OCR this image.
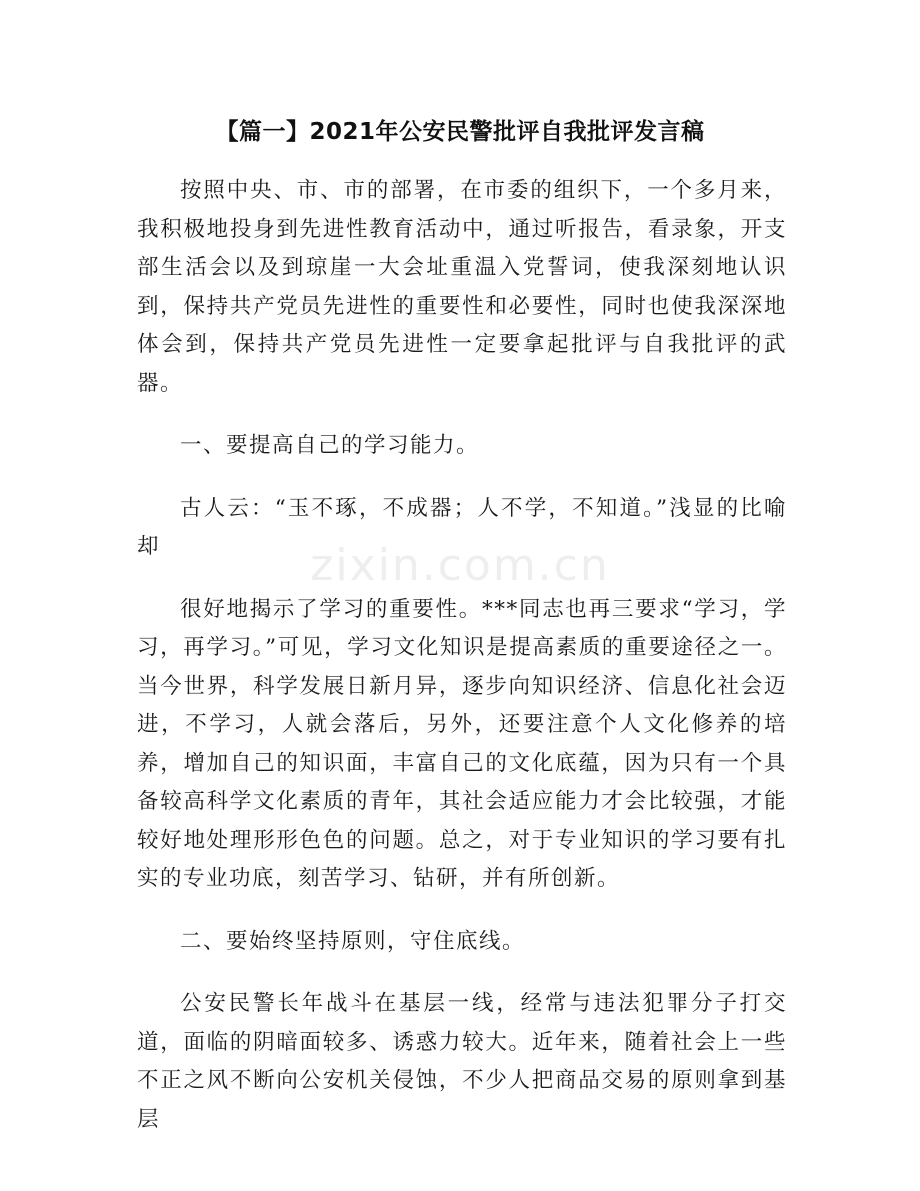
【篇一】2021年公安民警批评自我批评发言稿
zixin.com.cn

按照中央、市、市的部署，在市委的组织下，一个多月来，我积极地投身到先进性教育活动中，通过听报告，看录象，开支部生活会以及到琼崖一大会址重温入党誓词，使我深刻地认识到，保持共产党员先进性的重要性和必要性，同时也使我深深地体会到，保持共产党员先进性一定要拿起批评与自我批评的武器。

一、要提高自己的学习能力。

古人云：“玉不琢，不成器；人不学，不知道。”浅显的比喻却

很好地揭示了学习的重要性。***同志也再三要求“学习，学习，再学习。”可见，学习文化知识是提高素质的重要途径之一。当今世界，科学发展日新月异，逐步向知识经济、信息化社会迈进，不学习，人就会落后，另外，还要注意个人文化修养的培养，增加自己的知识面，丰富自己的文化底蕴，因为只有一个具备较高科学文化素质的青年，其社会适应能力才会比较强，才能较好地处理形形色色的问题。总之，对于专业知识的学习要有扎实的专业功底，刻苦学习、钻研，并有所创新。

二、要始终坚持原则，守住底线。

公安民警长年战斗在基层一线，经常与违法犯罪分子打交道，面临的阴暗面较多、诱惑力较大。近年来，随着社会上一些不正之风不断向公安机关侵蚀，不少人把商品交易的原则拿到基层
